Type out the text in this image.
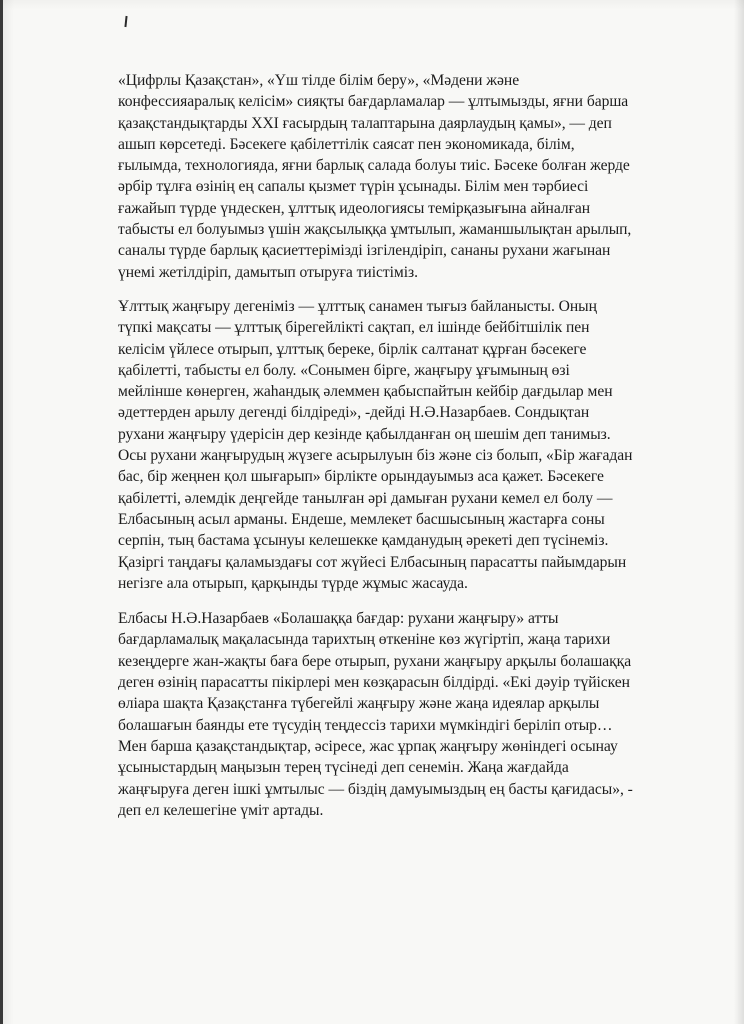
«Цифрлы Қазақстан», «Үш тілде білім беру», «Мәдени және
конфессияаралық келісім» сияқты бағдарламалар — ұлтымызды, яғни барша
қазақстандықтарды XXI ғасырдың талаптарына даярлаудың қамы», — деп
ашып көрсетеді. Бәсекеге қабілеттілік саясат пен экономикада, білім,
ғылымда, технологияда, яғни барлық салада болуы тиіс. Бәсеке болған жерде
әрбір тұлға өзінің ең сапалы қызмет түрін ұсынады. Білім мен тәрбиесі
ғажайып түрде үндескен, ұлттық идеологиясы темірқазығына айналған
табысты ел болуымыз үшін жақсылыққа ұмтылып, жаманшылықтан арылып,
саналы түрде барлық қасиеттерімізді ізгілендіріп, сананы рухани жағынан
үнемі жетілдіріп, дамытып отыруға тиістіміз.

Ұлттық жаңғыру дегеніміз — ұлттық санамен тығыз байланысты. Оның
түпкі мақсаты — ұлттық бірегейлікті сақтап, ел ішінде бейбітшілік пен
келісім үйлесе отырып, ұлттық береке, бірлік салтанат құрған бәсекеге
қабілетті, табысты ел болу. «Сонымен бірге, жаңғыру ұғымының өзі
мейлінше көнерген, жаһандық әлеммен қабыспайтын кейбір дағдылар мен
әдеттерден арылу дегенді білдіреді», -дейді Н.Ә.Назарбаев. Сондықтан
рухани жаңғыру үдерісін дер кезінде қабылданған оң шешім деп танимыз.
Осы рухани жаңғырудың жүзеге асырылуын біз және сіз болып, «Бір жағадан
бас, бір жеңнен қол шығарып» бірлікте орындауымыз аса қажет. Бәсекеге
қабілетті, әлемдік деңгейде танылған әрі дамыған рухани кемел ел болу —
Елбасының асыл арманы. Ендеше, мемлекет басшысының жастарға соны
серпін, тың бастама ұсынуы келешекке қамданудың әрекеті деп түсінеміз.
Қазіргі таңдағы қаламыздағы сот жүйесі Елбасының парасатты пайымдарын
негізге ала отырып, қарқынды түрде жұмыс жасауда.

Елбасы Н.Ә.Назарбаев «Болашаққа бағдар: рухани жаңғыру» атты
бағдарламалық мақаласында тарихтың өткеніне көз жүгіртіп, жаңа тарихи
кезеңдерге жан-жақты баға бере отырып, рухани жаңғыру арқылы болашаққа
деген өзінің парасатты пікірлері мен көзқарасын білдірді. «Екі дәуір түйіскен
өліара шақта Қазақстанға түбегейлі жаңғыру және жаңа идеялар арқылы
болашағын баянды ете түсудің теңдессіз тарихи мүмкіндігі беріліп отыр…
Мен барша қазақстандықтар, әсіресе, жас ұрпақ жаңғыру жөніндегі осынау
ұсыныстардың маңызын терең түсінеді деп сенемін. Жаңа жағдайда
жаңғыруға деген ішкі ұмтылыс — біздің дамуымыздың ең басты қағидасы», -
деп ел келешегіне үміт артады.
